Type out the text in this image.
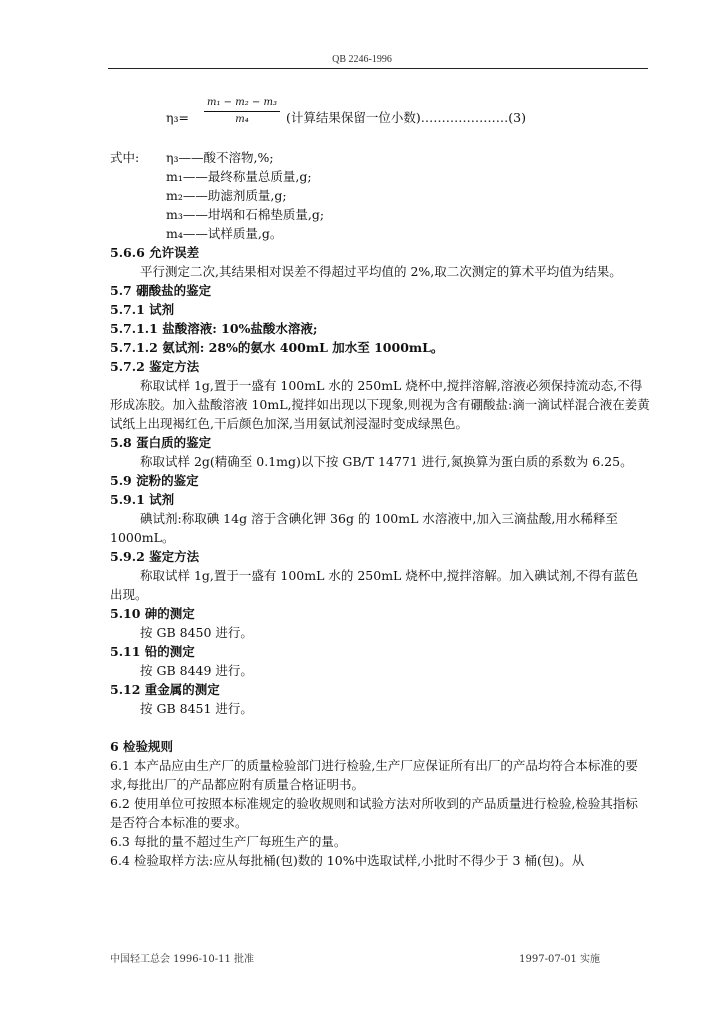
QB 2246-1996
η₃=
m₁ − m₂ − m₃
m₄	(计算结果保留一位小数)…………………(3)
式中:	η₃——酸不溶物,%;
m₁——最终称量总质量,g;
m₂——助滤剂质量,g;
m₃——坩埚和石棉垫质量,g;
m₄——试样质量,g。
5.6.6 允许误差
平行测定二次,其结果相对误差不得超过平均值的 2%,取二次测定的算术平均值为结果。
5.7 硼酸盐的鉴定
5.7.1 试剂
5.7.1.1 盐酸溶液: 10%盐酸水溶液;
5.7.1.2 氨试剂: 28%的氨水 400mL 加水至 1000mL。
5.7.2 鉴定方法
称取试样 1g,置于一盛有 100mL 水的 250mL 烧杯中,搅拌溶解,溶液必须保持流动态,不得形成冻胶。加入盐酸溶液 10mL,搅拌如出现以下现象,则视为含有硼酸盐:滴一滴试样混合液在姜黄试纸上出现褐红色,干后颜色加深,当用氨试剂浸湿时变成绿黑色。
5.8 蛋白质的鉴定
称取试样 2g(精确至 0.1mg)以下按 GB/T 14771 进行,氮换算为蛋白质的系数为 6.25。
5.9 淀粉的鉴定
5.9.1 试剂
碘试剂:称取碘 14g 溶于含碘化钾 36g 的 100mL 水溶液中,加入三滴盐酸,用水稀释至 1000mL。
5.9.2 鉴定方法
称取试样 1g,置于一盛有 100mL 水的 250mL 烧杯中,搅拌溶解。加入碘试剂,不得有蓝色出现。
5.10 砷的测定
按 GB 8450 进行。
5.11 铅的测定
按 GB 8449 进行。
5.12 重金属的测定
按 GB 8451 进行。
6 检验规则
6.1 本产品应由生产厂的质量检验部门进行检验,生产厂应保证所有出厂的产品均符合本标准的要求,每批出厂的产品都应附有质量合格证明书。
6.2 使用单位可按照本标准规定的验收规则和试验方法对所收到的产品质量进行检验,检验其指标是否符合本标准的要求。
6.3 每批的量不超过生产厂每班生产的量。
6.4 检验取样方法:应从每批桶(包)数的 10%中选取试样,小批时不得少于 3 桶(包)。从
中国轻工总会 1996-10-11 批准	1997-07-01 实施
